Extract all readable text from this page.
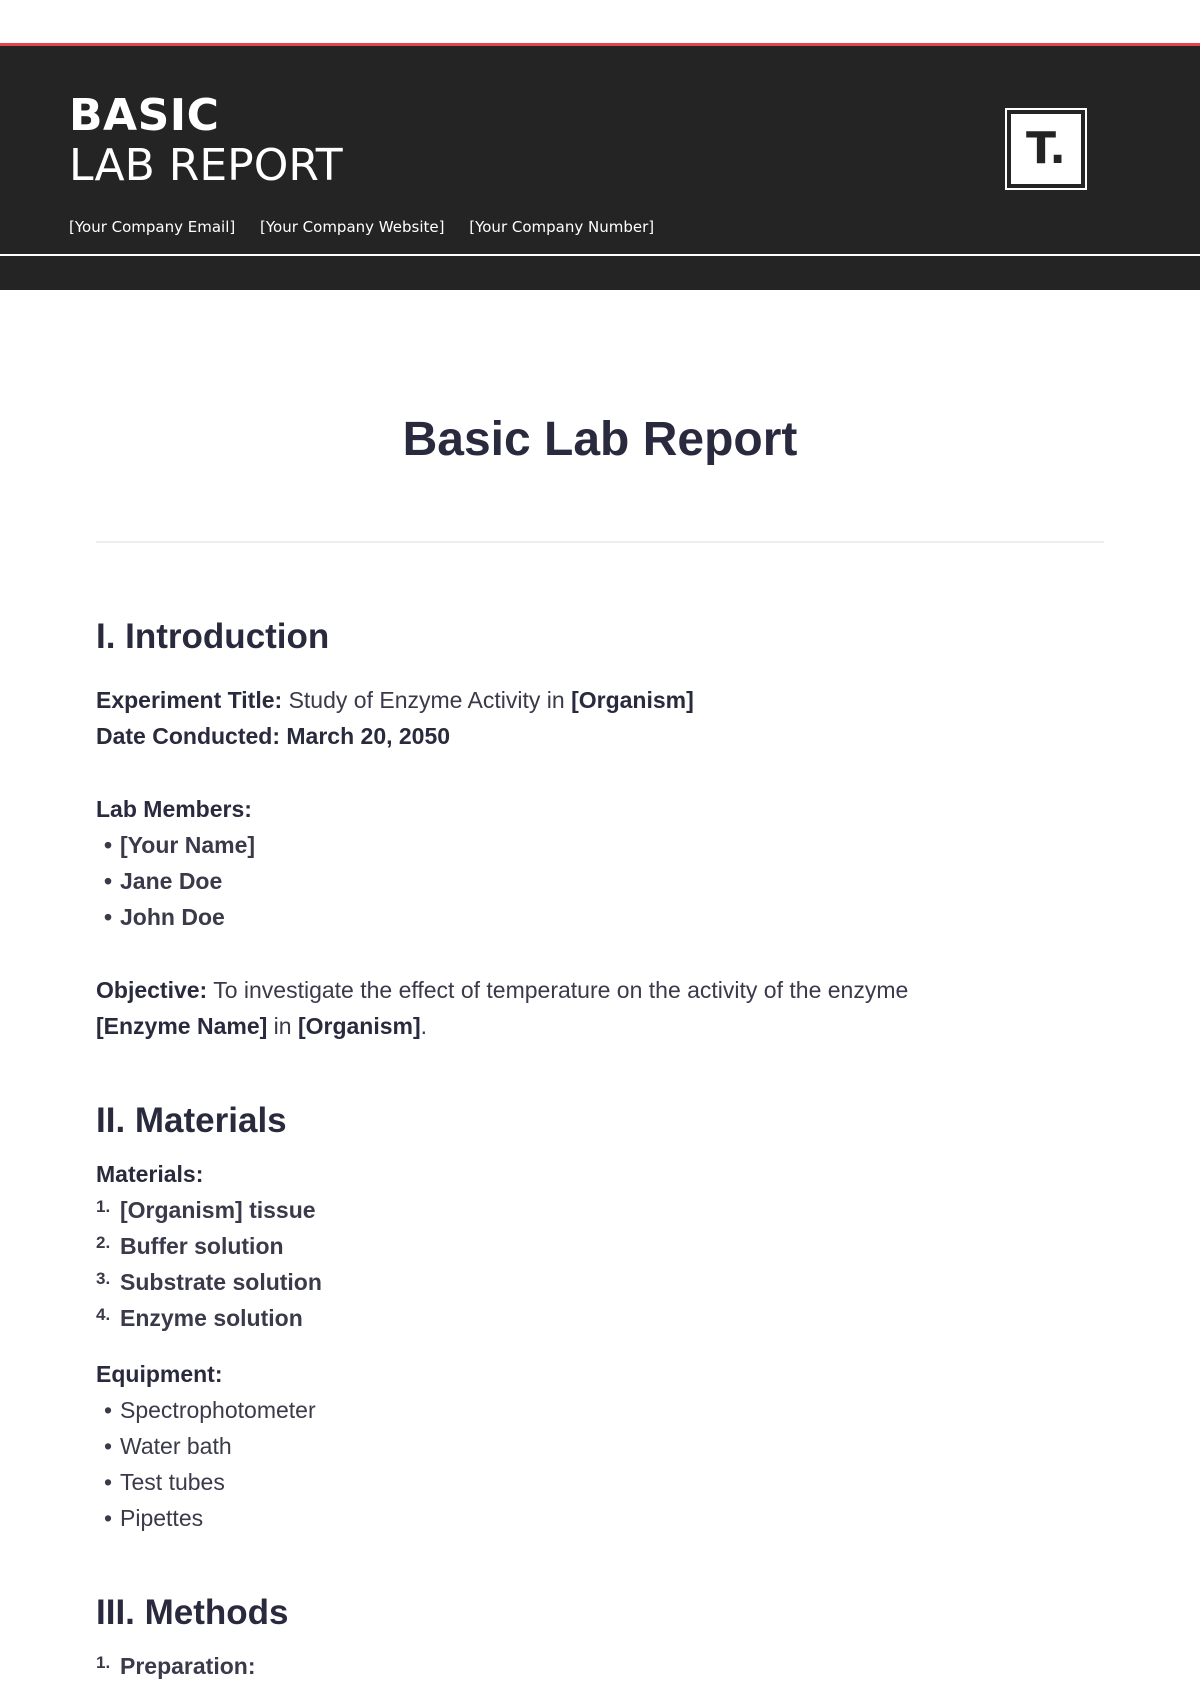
BASIC
LAB REPORT
[Your Company Email] [Your Company Website] [Your Company Number]
T.
Basic Lab Report
I. Introduction
Experiment Title: Study of Enzyme Activity in [Organism]
Date Conducted: March 20, 2050
Lab Members:
• [Your Name]
• Jane Doe
• John Doe
Objective: To investigate the effect of temperature on the activity of the enzyme
[Enzyme Name] in [Organism].
II. Materials
Materials:
1. [Organism] tissue
2. Buffer solution
3. Substrate solution
4. Enzyme solution
Equipment:
• Spectrophotometer
• Water bath
• Test tubes
• Pipettes
III. Methods
1. Preparation:
